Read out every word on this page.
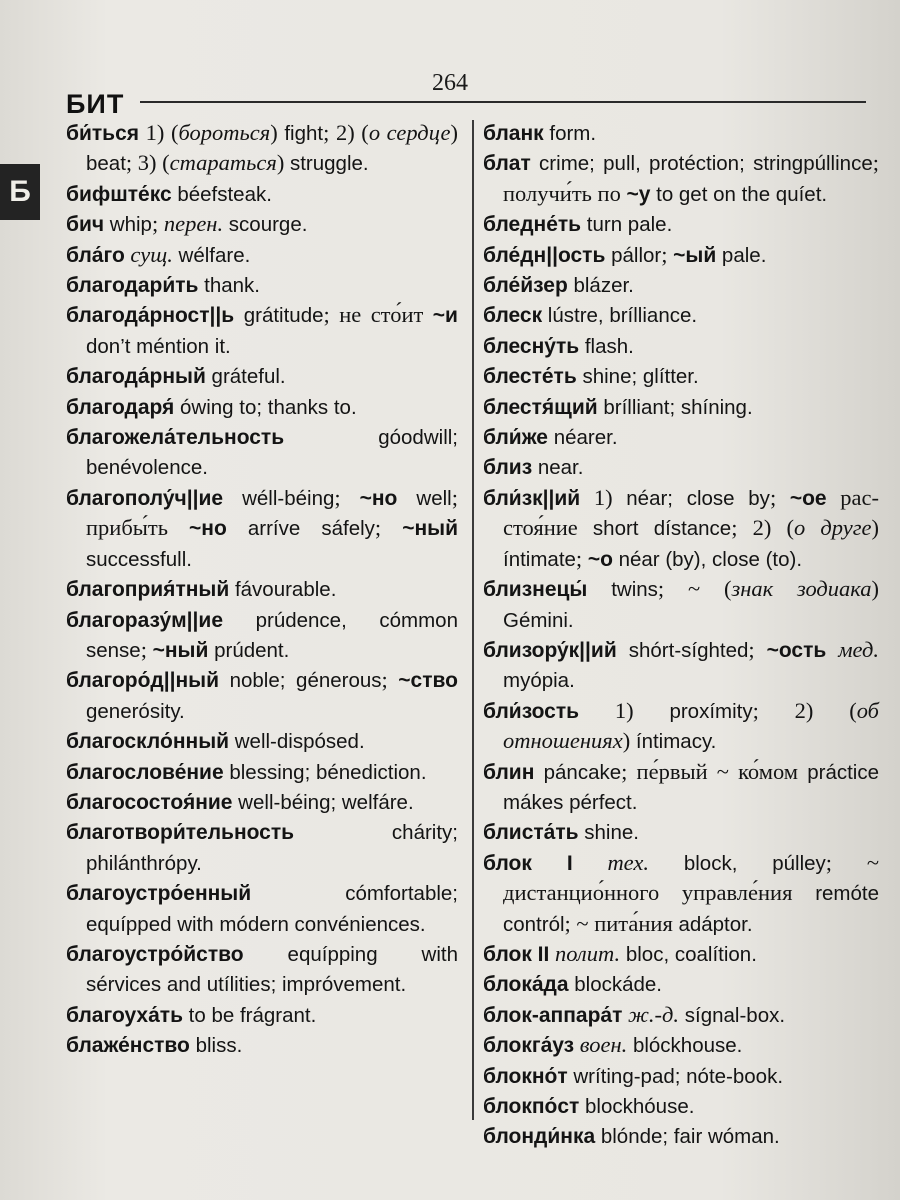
264
БИТ
Б

би́ться 1) (бороться) fight; 2) (о сердце) beat; 3) (стараться) struggle.

бифште́кс béefsteak.

бич whip; перен. scourge.

бла́го сущ. wélfare.

благодари́ть thank.

благода́рност||ь grátitude; не сто́ит ~и don’t méntion it.

благода́рный gráteful.

благодаря́ ówing to; thanks to.

благожела́тельность góodwill; benévolence.

благополу́ч||ие wéll-béing; ~но well; прибы́ть ~но arríve sáfely; ~ный successfull.

благоприя́тный fávourable.

благоразу́м||ие prúdence, cómmon sense; ~ный prúdent.

благоро́д||ный noble; génerous; ~ство generósity.

благоскло́нный well-dispósed.

благослове́ние blessing; bénediction.

благосостоя́ние well-béing; welfáre.

благотвори́тельность chárity; philánthrópy.

благоустро́енный cómfortable; equípped with módern convéniences.

благоустро́йство equípping with sérvices and utílities; impróvement.

благоуха́ть to be frágrant.

блаже́нство bliss.

бланк form.

блат crime; pull, protéction; stringpúllince; получи́ть по ~у to get on the quíet.

бледне́ть turn pale.

бле́дн||ость pállor; ~ый pale.

бле́йзер blázer.

блеск lústre, brílliance.

блесну́ть flash.

блесте́ть shine; glítter.

блестя́щий brílliant; shíning.

бли́же néarer.

близ near.

бли́зк||ий 1) néar; close by; ~ое расстоя́ние short dístance; 2) (о друге) íntimate; ~о néar (by), close (to).

близнецы́ twins; ~ (знак зодиака) Gémini.

близору́к||ий shórt-síghted; ~ость мед. myópia.

бли́зость 1) proxímity; 2) (об отношениях) íntimacy.

блин páncake; пе́рвый ~ ко́мом práctice mákes pérfect.

блиста́ть shine.

блок I тех. block, púlley; ~ дистанцио́нного управле́ния remóte contról; ~ пита́ния adáptor.

блок II полит. bloc, coalítion.

блока́да blockáde.

блок-аппара́т ж.-д. sígnal-box.

блокга́уз воен. blóckhouse.

блокно́т wríting-pad; nóte-book.

блокпо́ст blockhóuse.

блонди́нка blónde; fair wóman.
